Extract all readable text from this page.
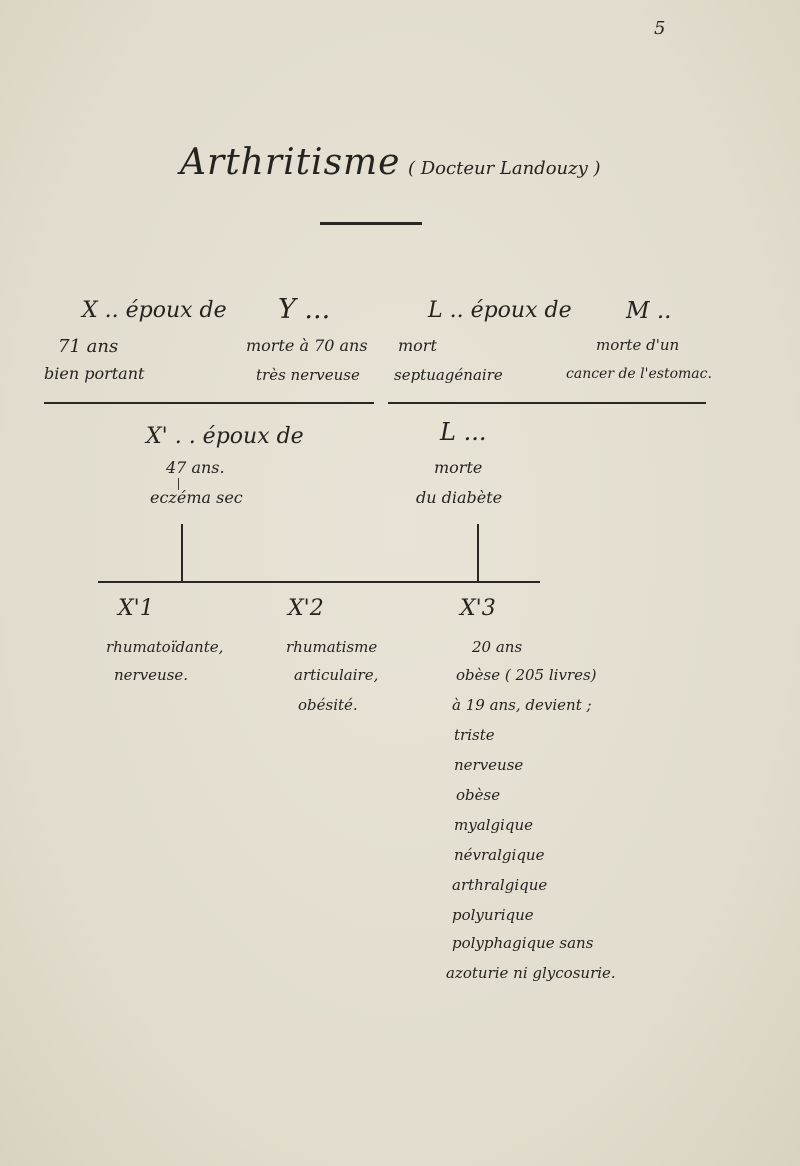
5
Arthritisme ( Docteur Landouzy )
X .. époux de Y ...	L .. époux de M ..
71 ans
bien portant
morte à 70 ans
très nerveuse
mort
septuagénaire
morte d'un
cancer de l'estomac.
X' . . époux de	L ...
47 ans.
eczéma sec
morte
du diabète
X'1
rhumatoïdante,
nerveuse.
X'2
rhumatisme
articulaire,
obésité.
X'3
20 ans
obèse ( 205 livres)
à 19 ans, devient ;
triste
nerveuse
obèse
myalgique
névralgique
arthralgique
polyurique
polyphagique sans
azoturie ni glycosurie.
